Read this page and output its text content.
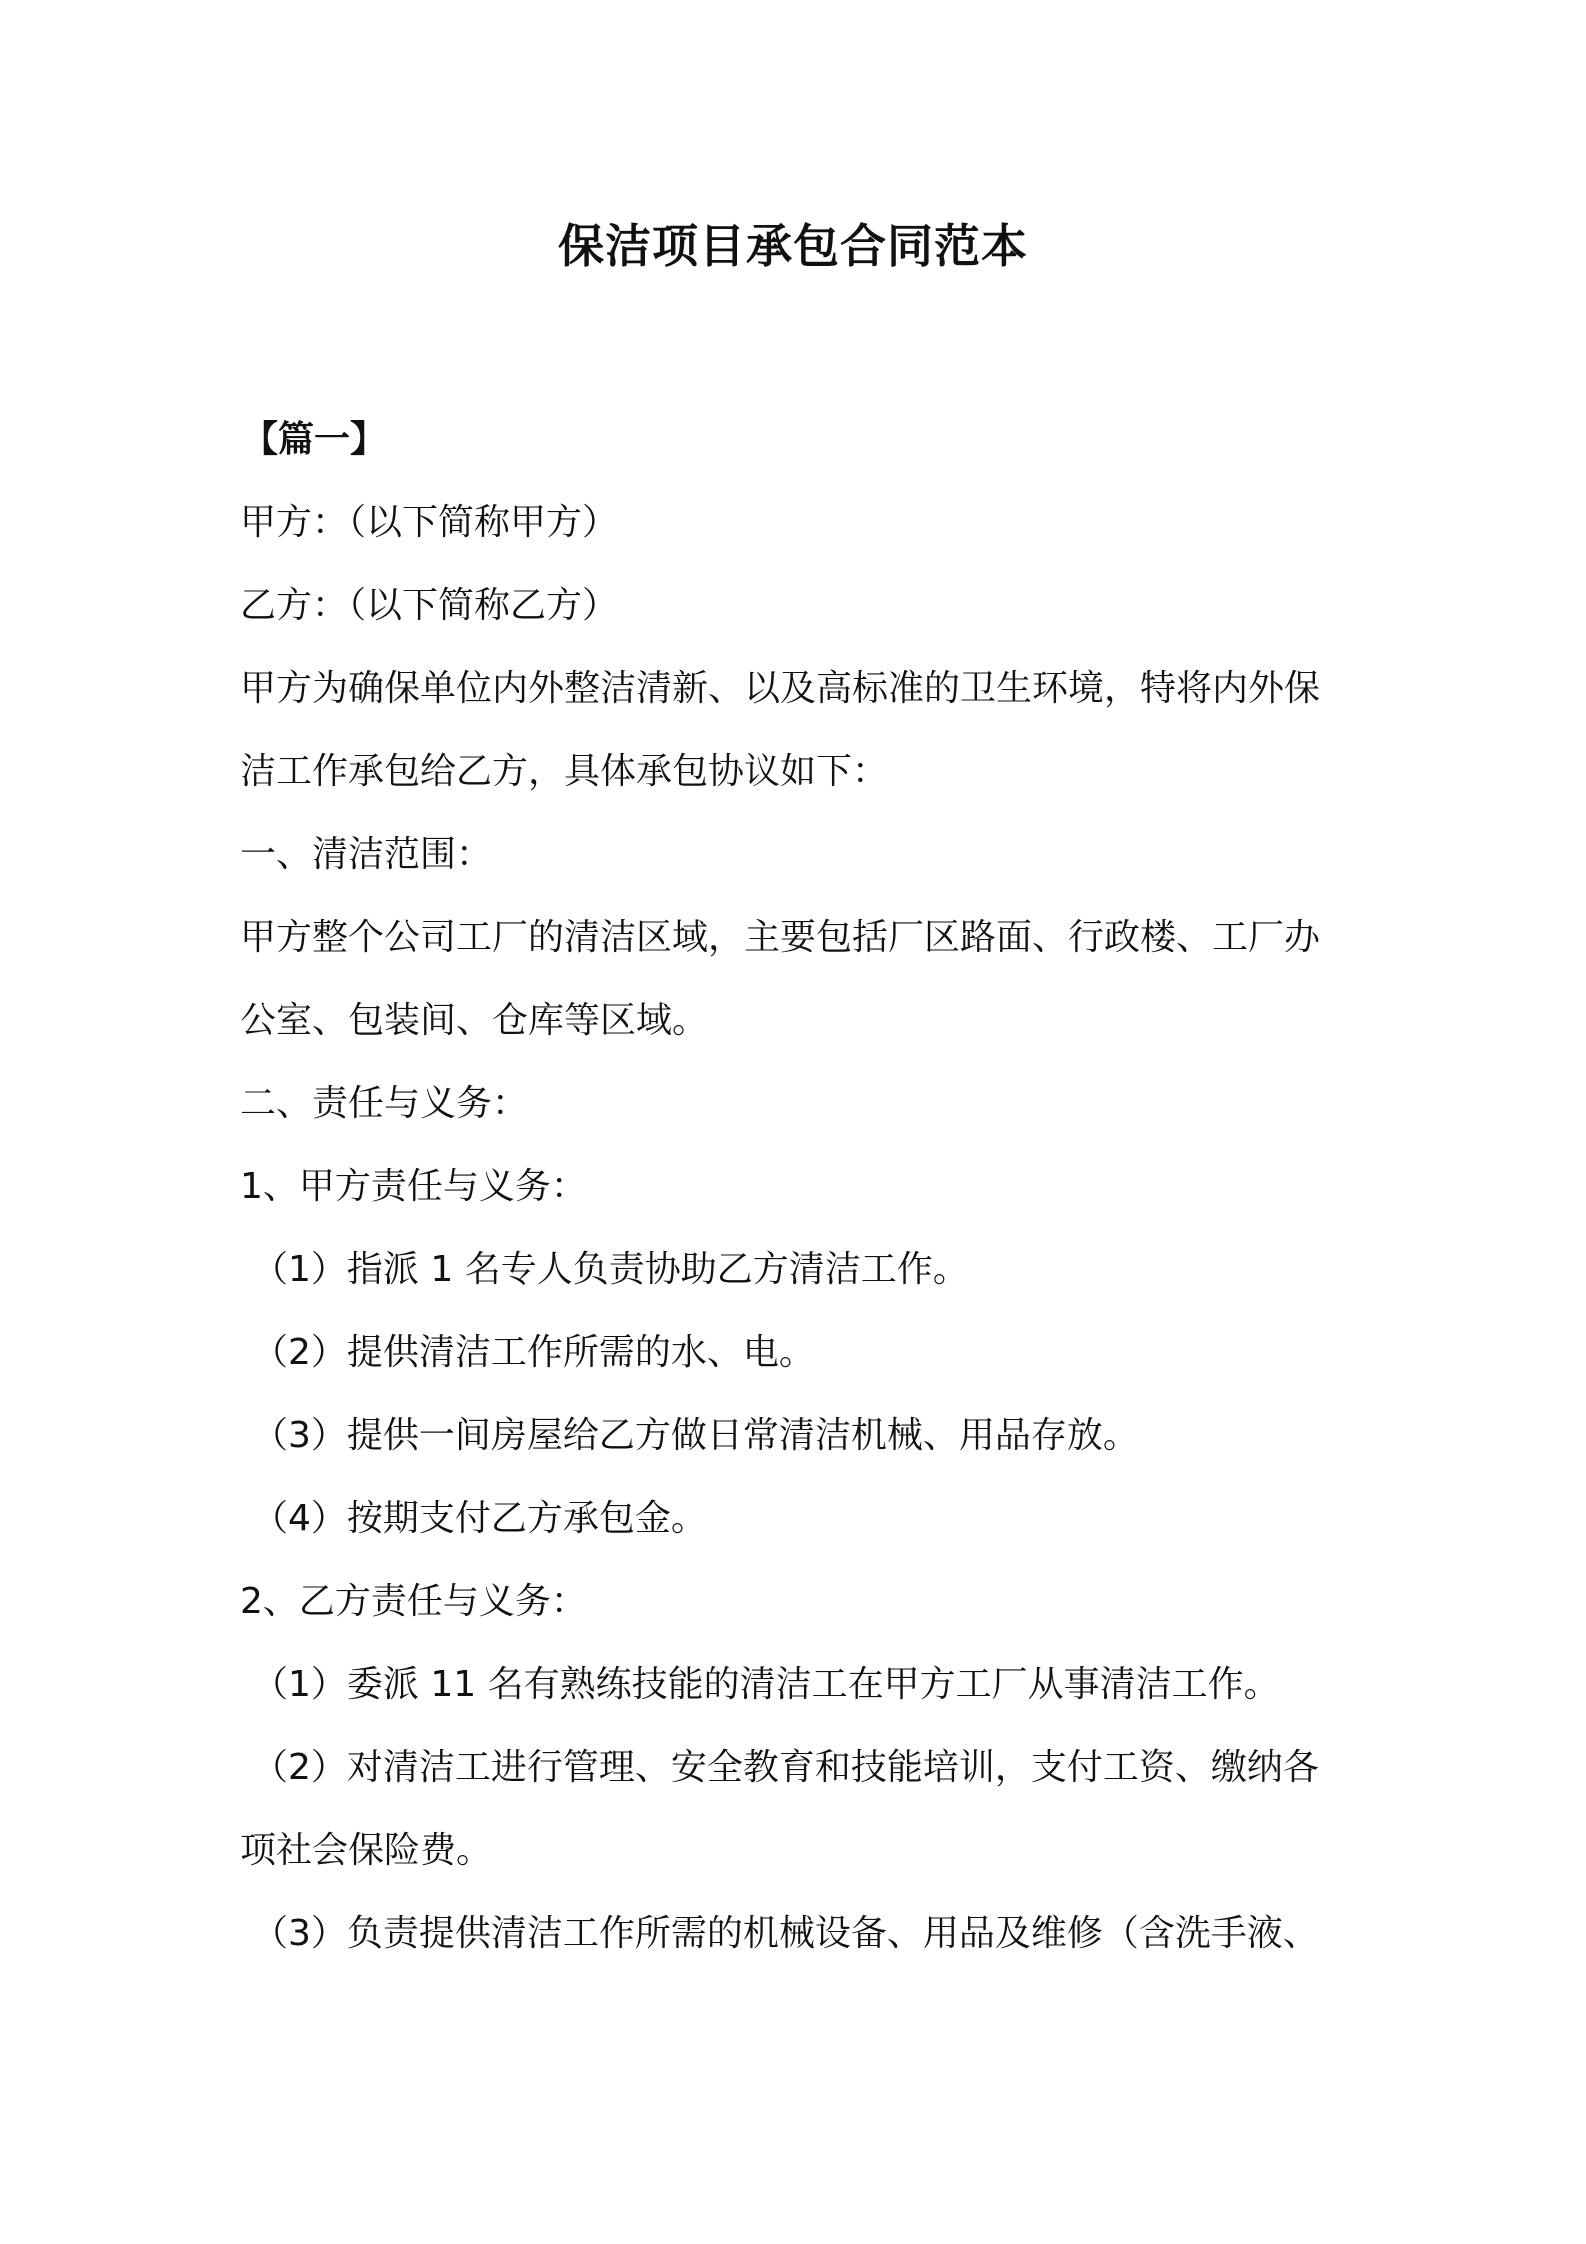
保洁项目承包合同范本
【篇一】
甲方：（以下简称甲方）
乙方：（以下简称乙方）
甲方为确保单位内外整洁清新、以及高标准的卫生环境，特将内外保
洁工作承包给乙方，具体承包协议如下：
一、清洁范围：
甲方整个公司工厂的清洁区域，主要包括厂区路面、行政楼、工厂办
公室、包装间、仓库等区域。
二、责任与义务：
1、甲方责任与义务：
（1）指派 1 名专人负责协助乙方清洁工作。
（2）提供清洁工作所需的水、电。
（3）提供一间房屋给乙方做日常清洁机械、用品存放。
（4）按期支付乙方承包金。
2、乙方责任与义务：
（1）委派 11 名有熟练技能的清洁工在甲方工厂从事清洁工作。
（2）对清洁工进行管理、安全教育和技能培训，支付工资、缴纳各
项社会保险费。
（3）负责提供清洁工作所需的机械设备、用品及维修（含洗手液、
